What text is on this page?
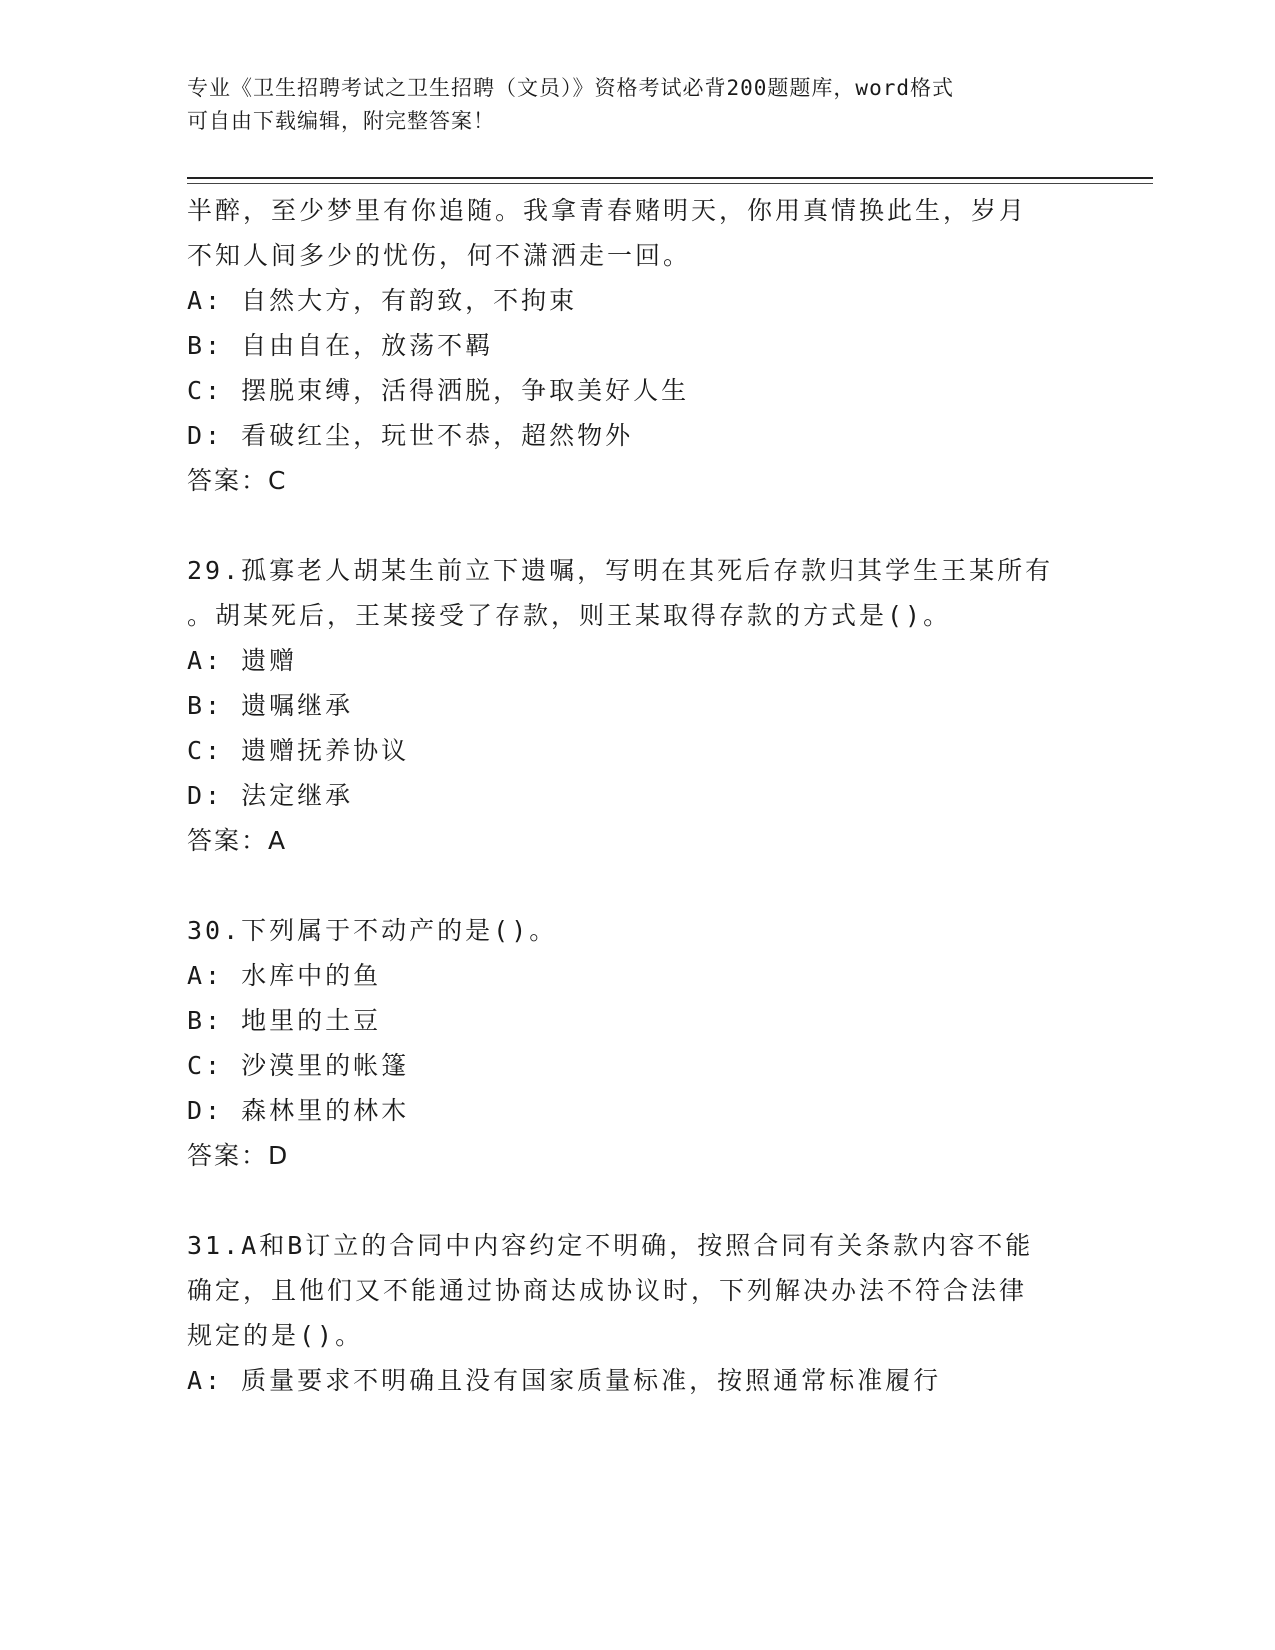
专业《卫生招聘考试之卫生招聘（文员）》资格考试必背200题题库，word格式
可自由下载编辑，附完整答案！
半醉，至少梦里有你追随。我拿青春赌明天，你用真情换此生，岁月
不知人间多少的忧伤，何不潇洒走一回。
A: 自然大方，有韵致，不拘束
B: 自由自在，放荡不羁
C: 摆脱束缚，活得洒脱，争取美好人生
D: 看破红尘，玩世不恭，超然物外
答案：C
29.孤寡老人胡某生前立下遗嘱，写明在其死后存款归其学生王某所有
。胡某死后，王某接受了存款，则王某取得存款的方式是()。
A: 遗赠
B: 遗嘱继承
C: 遗赠抚养协议
D: 法定继承
答案：A
30.下列属于不动产的是()。
A: 水库中的鱼
B: 地里的土豆
C: 沙漠里的帐篷
D: 森林里的林木
答案：D
31.A和B订立的合同中内容约定不明确，按照合同有关条款内容不能
确定，且他们又不能通过协商达成协议时，下列解决办法不符合法律
规定的是()。
A: 质量要求不明确且没有国家质量标准，按照通常标准履行
